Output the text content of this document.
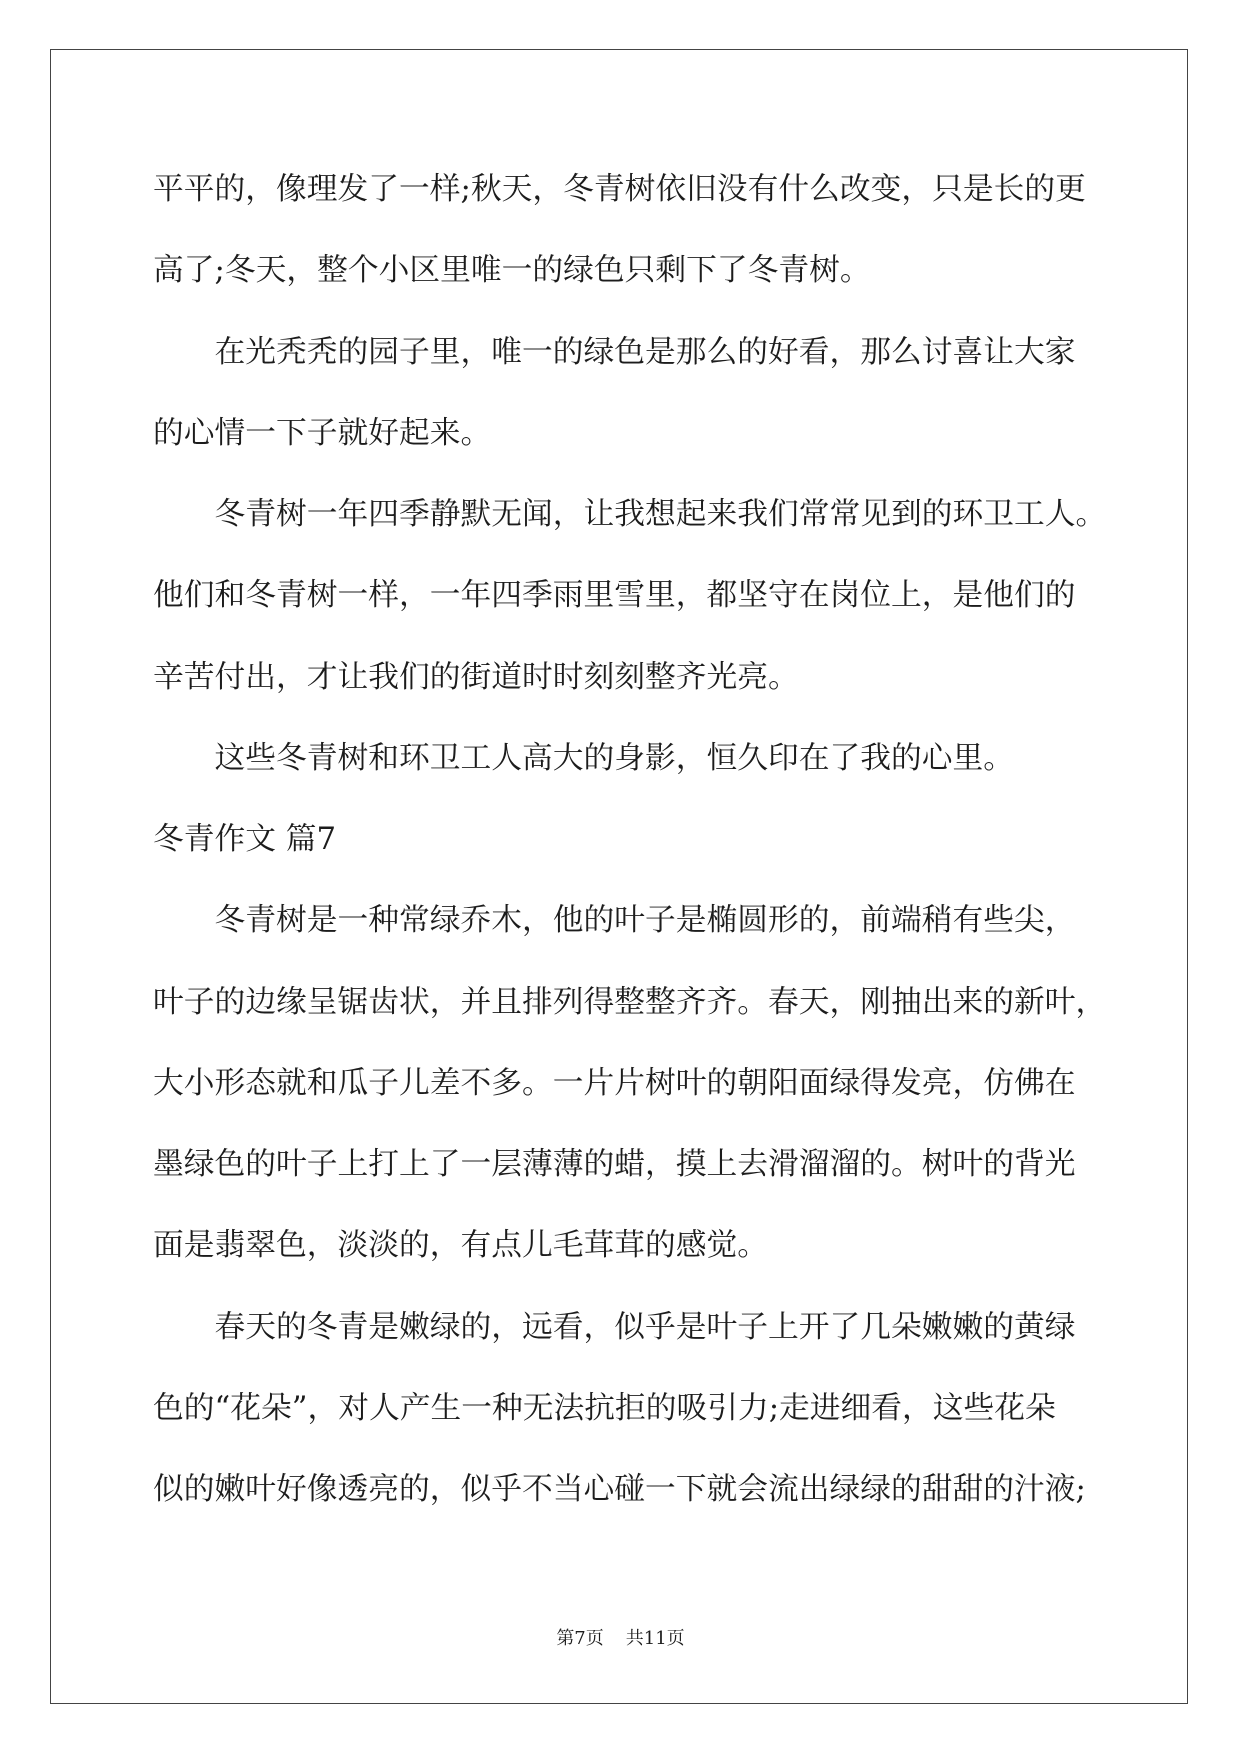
平平的，像理发了一样;秋天，冬青树依旧没有什么改变，只是长的更
高了;冬天，整个小区里唯一的绿色只剩下了冬青树。
在光秃秃的园子里，唯一的绿色是那么的好看，那么讨喜让大家
的心情一下子就好起来。
冬青树一年四季静默无闻，让我想起来我们常常见到的环卫工人。
他们和冬青树一样，一年四季雨里雪里，都坚守在岗位上，是他们的
辛苦付出，才让我们的街道时时刻刻整齐光亮。
这些冬青树和环卫工人高大的身影，恒久印在了我的心里。
冬青作文 篇7
冬青树是一种常绿乔木，他的叶子是椭圆形的，前端稍有些尖，
叶子的边缘呈锯齿状，并且排列得整整齐齐。春天，刚抽出来的新叶，
大小形态就和瓜子儿差不多。一片片树叶的朝阳面绿得发亮，仿佛在
墨绿色的叶子上打上了一层薄薄的蜡，摸上去滑溜溜的。树叶的背光
面是翡翠色，淡淡的，有点儿毛茸茸的感觉。
春天的冬青是嫩绿的，远看，似乎是叶子上开了几朵嫩嫩的黄绿
色的“花朵”，对人产生一种无法抗拒的吸引力;走进细看，这些花朵
似的嫩叶好像透亮的，似乎不当心碰一下就会流出绿绿的甜甜的汁液;
第7页 共11页
